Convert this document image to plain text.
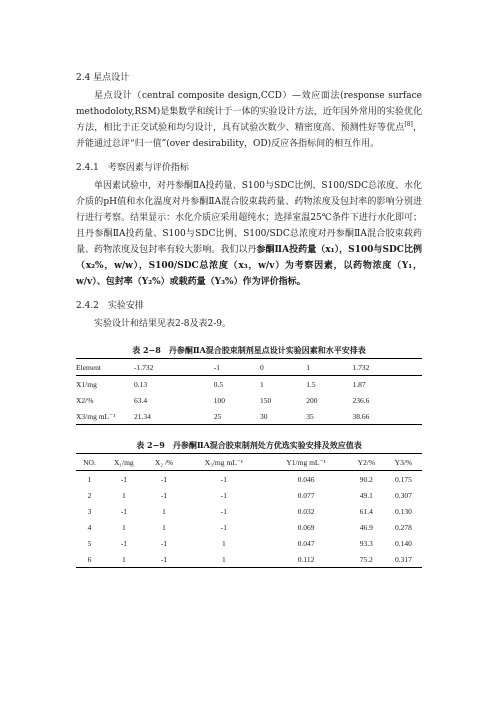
2.4 星点设计

星点设计（central composite design,CCD）—效应面法(response surface methodoloty,RSM)是集数学和统计于一体的实验设计方法，近年国外常用的实验优化方法，相比于正交试验和均匀设计，具有试验次数少、精密度高、预测性好等优点[8]，并能通过总评“归一值”(over desirability，OD)反应各指标间的相互作用。

2.4.1　考察因素与评价指标

单因素试验中，对丹参酮ⅡA投药量、S100与SDC比例、S100/SDC总浓度、水化介质的pH值和水化温度对丹参酮ⅡA混合胶束载药量、药物浓度及包封率的影响分别进行进行考察。结果显示：水化介质应采用超纯水；选择室温25℃条件下进行水化即可；且丹参酮ⅡA投药量、S100与SDC比例、S100/SDC总浓度对丹参酮ⅡA混合胶束载药量、药物浓度及包封率有较大影响。我们以丹参酮ⅡA投药量（x₁），S100与SDC比例（x₂%，w/w），S100/SDC总浓度（x₃，w/v）为考察因素，以药物浓度（Y₁，w/v）、包封率（Y₂%）或载药量（Y₃%）作为评价指标。

2.4.2　实验安排

实验设计和结果见表2-8及表2-9。

表 2−8　丹参酮ⅡA混合胶束制剂星点设计实验因素和水平安排表

Element	-1.732	-1	0	1	1.732
X1/mg	0.13	0.5	1	1.5	1.87
X2/%	63.4	100	150	200	236.6
X3/mg mL⁻¹	21.34	25	30	35	38.66

表 2−9　丹参酮ⅡA混合胶束制剂处方优选实验安排及效应值表

NO.	X₁/mg	X₂ /%	X₃/mg mL⁻¹	Y1/mg mL⁻¹	Y2/%	Y3/%
1	-1	-1	-1	0.046	90.2	0.175
2	1	-1	-1	0.077	49.1	0.307
3	-1	1	-1	0.032	61.4	0.130
4	1	1	-1	0.069	46.9	0.278
5	-1	-1	1	0.047	93.3	0.140
6	1	-1	1	0.112	75.2	0.317
